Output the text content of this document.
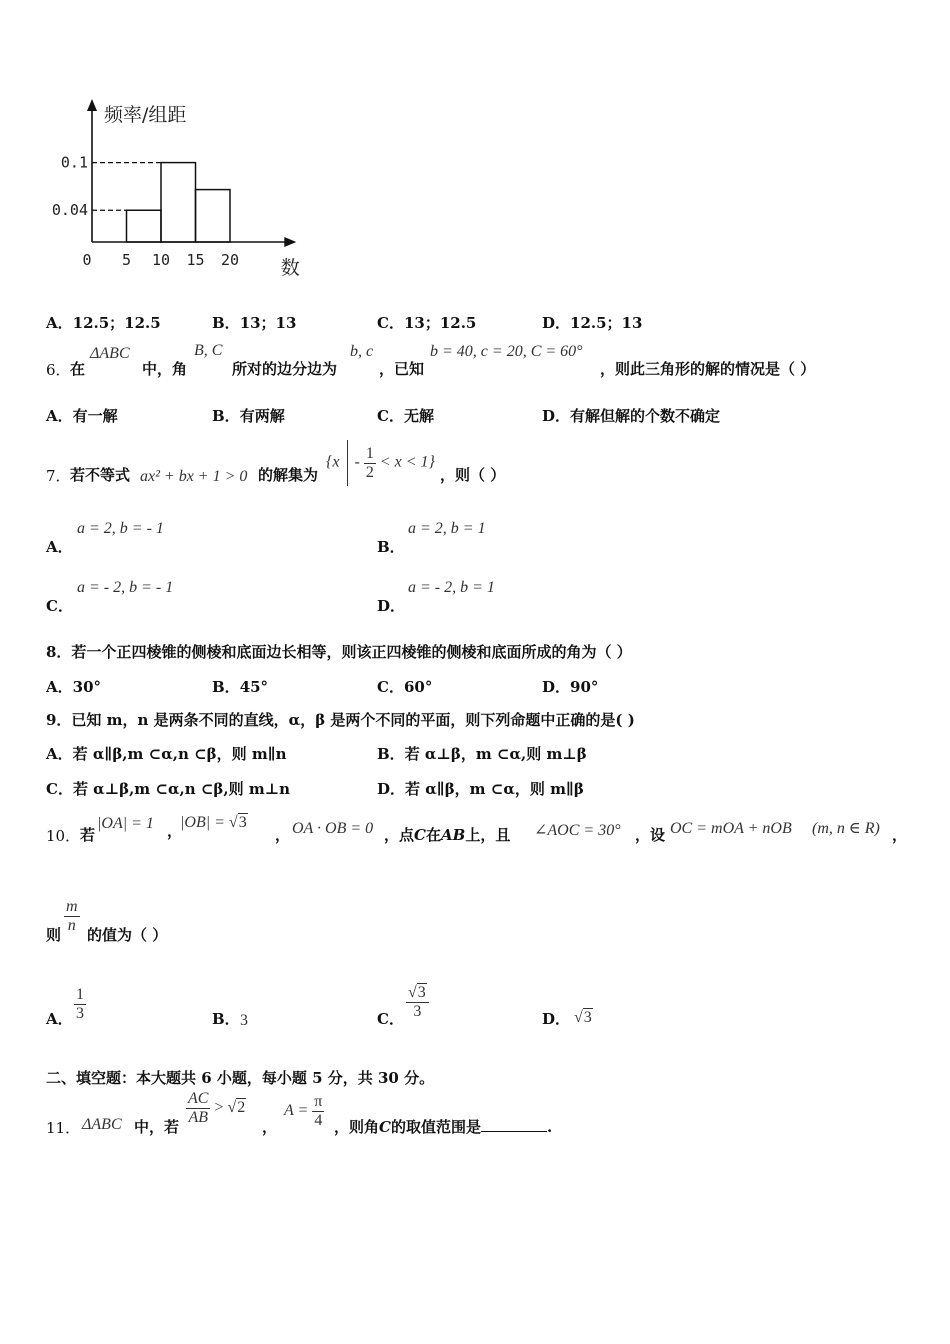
0.1
0.04
5 10 15 20
0
频率/组距
数
A．12.5；12.5	B．13；13	C．13；12.5	D．12.5；13
6． 在
ΔABC
中，角
B, C
所对的边分边为
b, c
，已知
b = 40, c = 20, C = 60°
，则此三角形的解的情况是（ ）
A．有一解	B．有两解	C．无解	D．有解但解的个数不确定
7． 若不等式 ax² + bx + 1 > 0 的解集为
$\{x - \frac{1}{2} < x < 1\}$
，则（ ）
A．
a = 2, b = - 1
B．
a = 2, b = 1
C．
a = - 2, b = - 1
D．
a = - 2, b = 1
8．若一个正四棱锥的侧棱和底面边长相等，则该正四棱锥的侧棱和底面所成的角为（ ）
A．30°	B．45°	C．60°	D．90°
9．已知 m，n 是两条不同的直线，α，β 是两个不同的平面，则下列命题中正确的是( )
A．若 α∥β,m ⊂α,n ⊂β，则 m∥n	B．若 α⊥β，m ⊂α,则 m⊥β
C．若 α⊥β,m ⊂α,n ⊂β,则 m⊥n	D．若 α∥β，m ⊂α，则 m∥β
10． 若
|OA| = 1 ，
|OB| = √3
， OA · OB = 0 ，点C在AB上，且 ∠AOC = 30° ，设 OC = mOA + nOB (m, n ∈ R) ，
则 $\frac{m}{n}$ 的值为（ ）
A． $\frac{1}{3}$	B． 3	C． $\frac{√3}{3}$	D． √3
二、填空题：本大题共 6 小题，每小题 5 分，共 30 分。
11． ΔABC 中，若 $\frac{AC}{AB} > √2$
，
$A = \frac{\pi}{4}$ ，则角C的取值范围是	.
